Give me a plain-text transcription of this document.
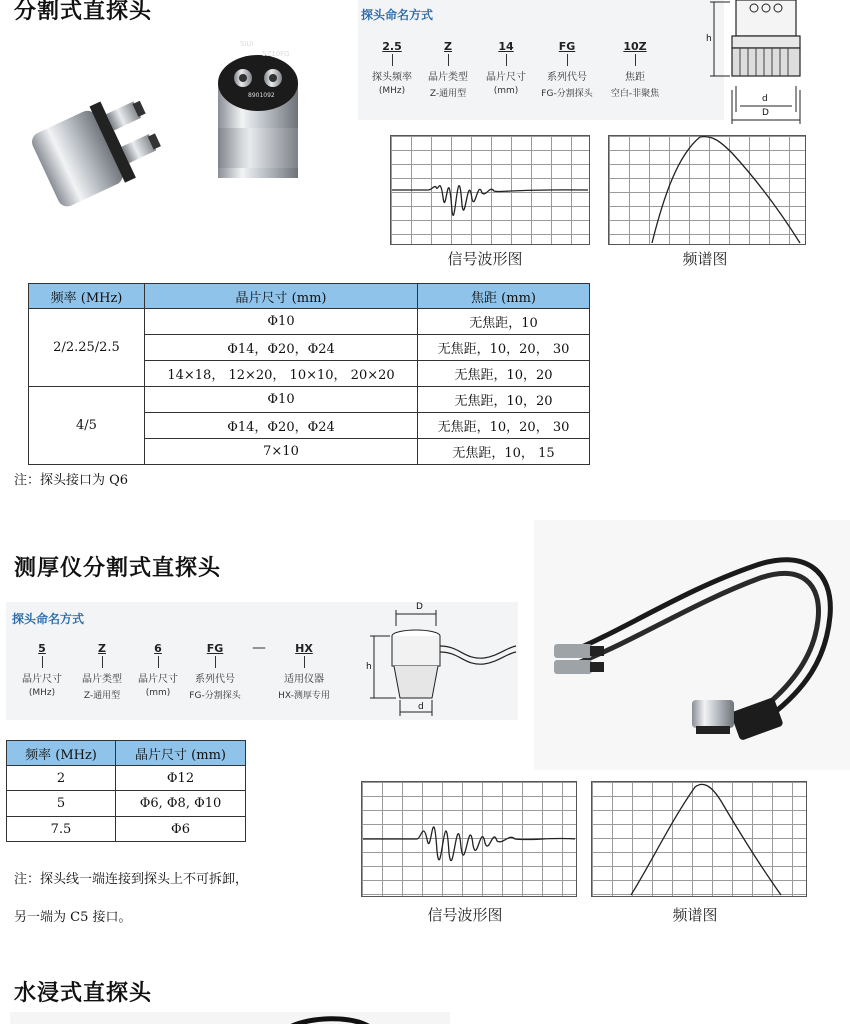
分割式直探头
SIUI
5Z10FG
8901092
探头命名方式
2.5
探头频率
(MHz)
Z
晶片类型
Z-通用型
14
晶片尺寸
(mm)
FG
系列代号
FG-分割探头
10Z
焦距
空白-非聚焦
h
d
D
信号波形图	频谱图
频率 (MHz)	晶片尺寸 (mm)	焦距 (mm)
2/2.25/2.5	Φ10	无焦距，10
	Φ14，Φ20，Φ24	无焦距，10，20， 30
	14×18， 12×20， 10×10， 20×20	无焦距，10，20
4/5	Φ10	无焦距，10，20
	Φ14，Φ20，Φ24	无焦距，10，20， 30
	7×10	无焦距，10， 15
注：探头接口为 Q6
测厚仪分割式直探头
探头命名方式
5
晶片尺寸
(MHz)
Z
晶片类型
Z-通用型
6
晶片尺寸
(mm)
FG
系列代号
FG-分割探头
—	HX
适用仪器
HX-测厚专用
D
h
d
频率 (MHz)	晶片尺寸 (mm)
2	Φ12
5	Φ6, Φ8, Φ10
7.5	Φ6
注：探头线一端连接到探头上不可拆卸，
另一端为 C5 接口。	信号波形图	频谱图
水浸式直探头
